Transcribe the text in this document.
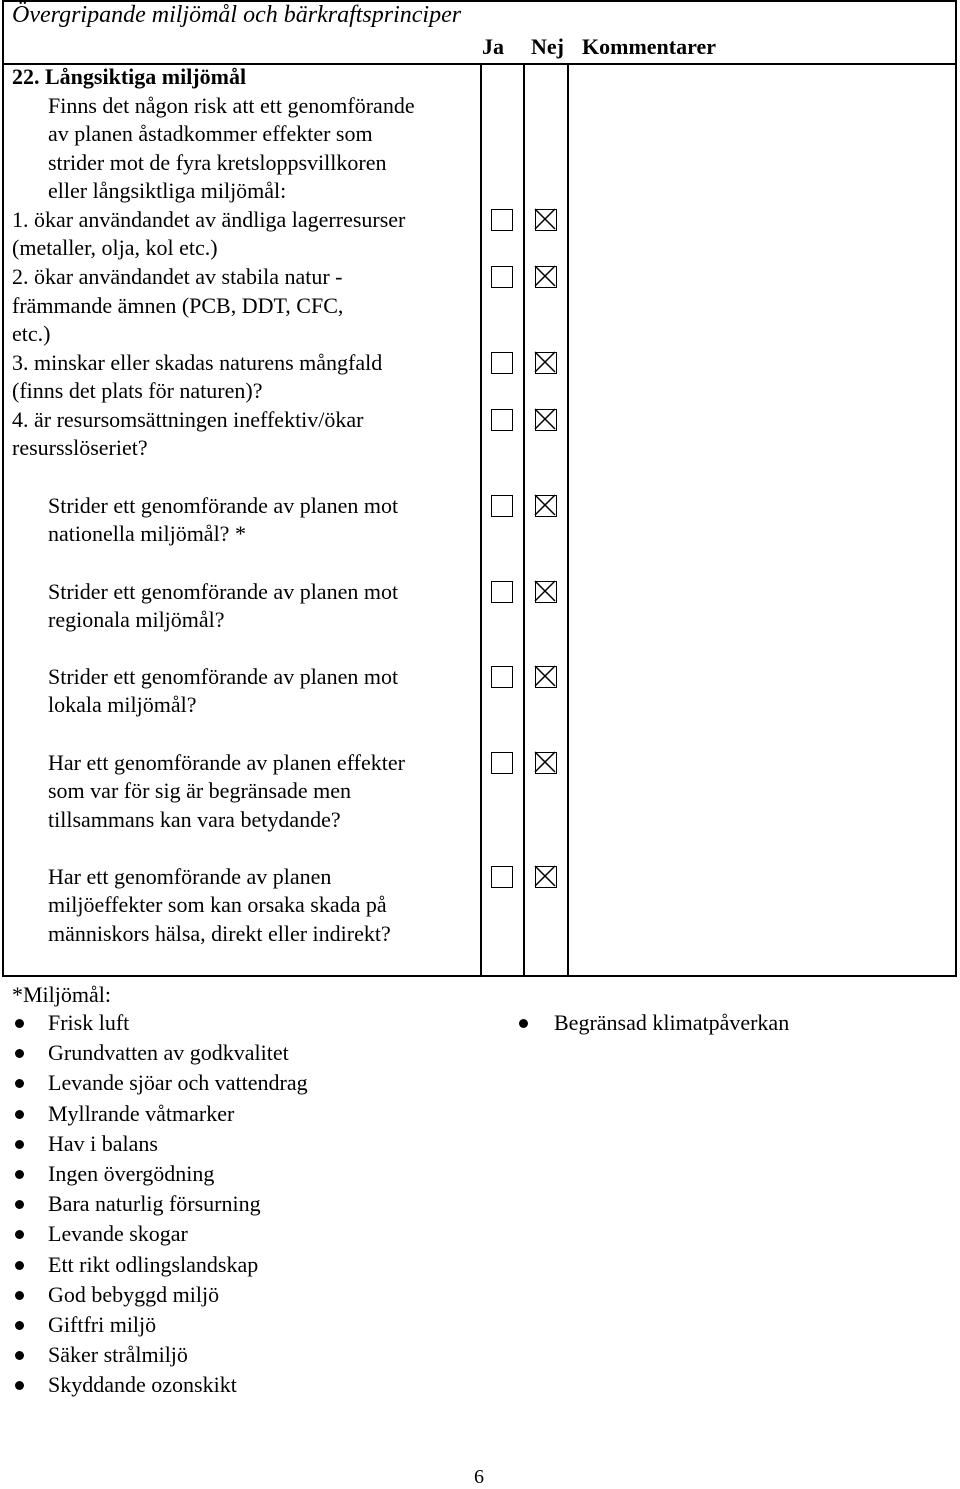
Övergripande miljömål och bärkraftsprinciper
Ja Nej Kommentarer
22. Långsiktiga miljömål
Finns det någon risk att ett genomförande
av planen åstadkommer effekter som
strider mot de fyra kretsloppsvillkoren
eller långsiktliga miljömål:
1. ökar användandet av ändliga lagerresurser
(metaller, olja, kol etc.)
2. ökar användandet av stabila natur -
främmande ämnen (PCB, DDT, CFC,
etc.)
3. minskar eller skadas naturens mångfald
(finns det plats för naturen)?
4. är resursomsättningen ineffektiv/ökar
resursslöseriet?
Strider ett genomförande av planen mot
nationella miljömål? *
Strider ett genomförande av planen mot
regionala miljömål?
Strider ett genomförande av planen mot
lokala miljömål?
Har ett genomförande av planen effekter
som var för sig är begränsade men
tillsammans kan vara betydande?
Har ett genomförande av planen
miljöeffekter som kan orsaka skada på
människors hälsa, direkt eller indirekt?
*Miljömål:
6
Frisk luft
Grundvatten av godkvalitet
Levande sjöar och vattendrag
Myllrande våtmarker
Hav i balans
Ingen övergödning
Bara naturlig försurning
Levande skogar
Ett rikt odlingslandskap
God bebyggd miljö
Giftfri miljö
Säker strålmiljö
Skyddande ozonskikt
Begränsad klimatpåverkan
